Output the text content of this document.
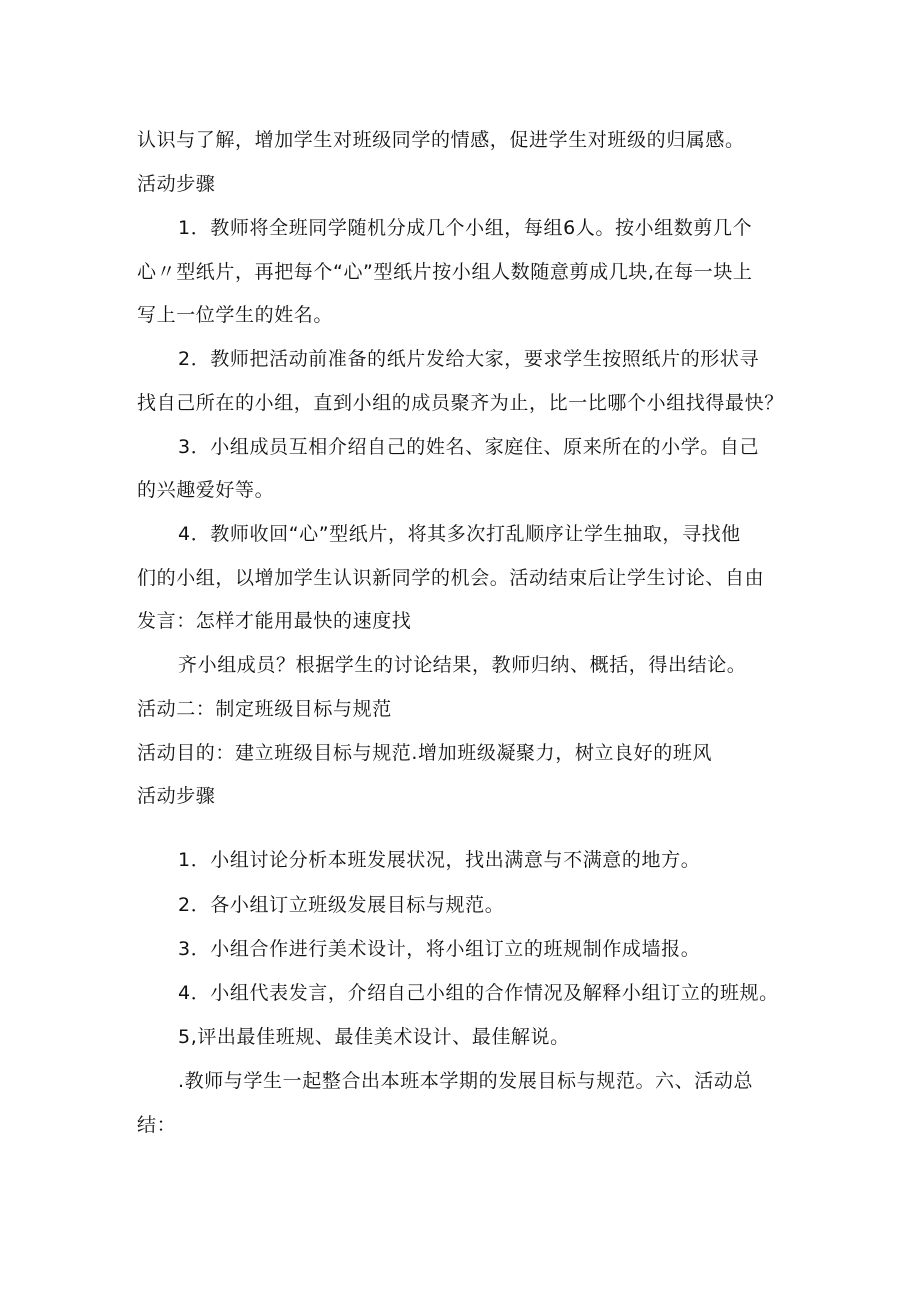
认识与了解，增加学生对班级同学的情感，促进学生对班级的归属感。
活动步骤
1．教师将全班同学随机分成几个小组，每组6人。按小组数剪几个
心〃型纸片，再把每个“心”型纸片按小组人数随意剪成几块,在每一块上
写上一位学生的姓名。
2．教师把活动前准备的纸片发给大家，要求学生按照纸片的形状寻
找自己所在的小组，直到小组的成员聚齐为止，比一比哪个小组找得最快？
3．小组成员互相介绍自己的姓名、家庭住、原来所在的小学。自己
的兴趣爱好等。
4．教师收回“心”型纸片，将其多次打乱顺序让学生抽取，寻找他
们的小组，以增加学生认识新同学的机会。活动结束后让学生讨论、自由
发言：怎样才能用最快的速度找
齐小组成员？根据学生的讨论结果，教师归纳、概括，得出结论。
活动二：制定班级目标与规范
活动目的：建立班级目标与规范.增加班级凝聚力，树立良好的班风
活动步骤
1．小组讨论分析本班发展状况，找出满意与不满意的地方。
2．各小组订立班级发展目标与规范。
3．小组合作进行美术设计，将小组订立的班规制作成墙报。
4．小组代表发言，介绍自己小组的合作情况及解释小组订立的班规。
5,评出最佳班规、最佳美术设计、最佳解说。
.教师与学生一起整合出本班本学期的发展目标与规范。六、活动总
结：
